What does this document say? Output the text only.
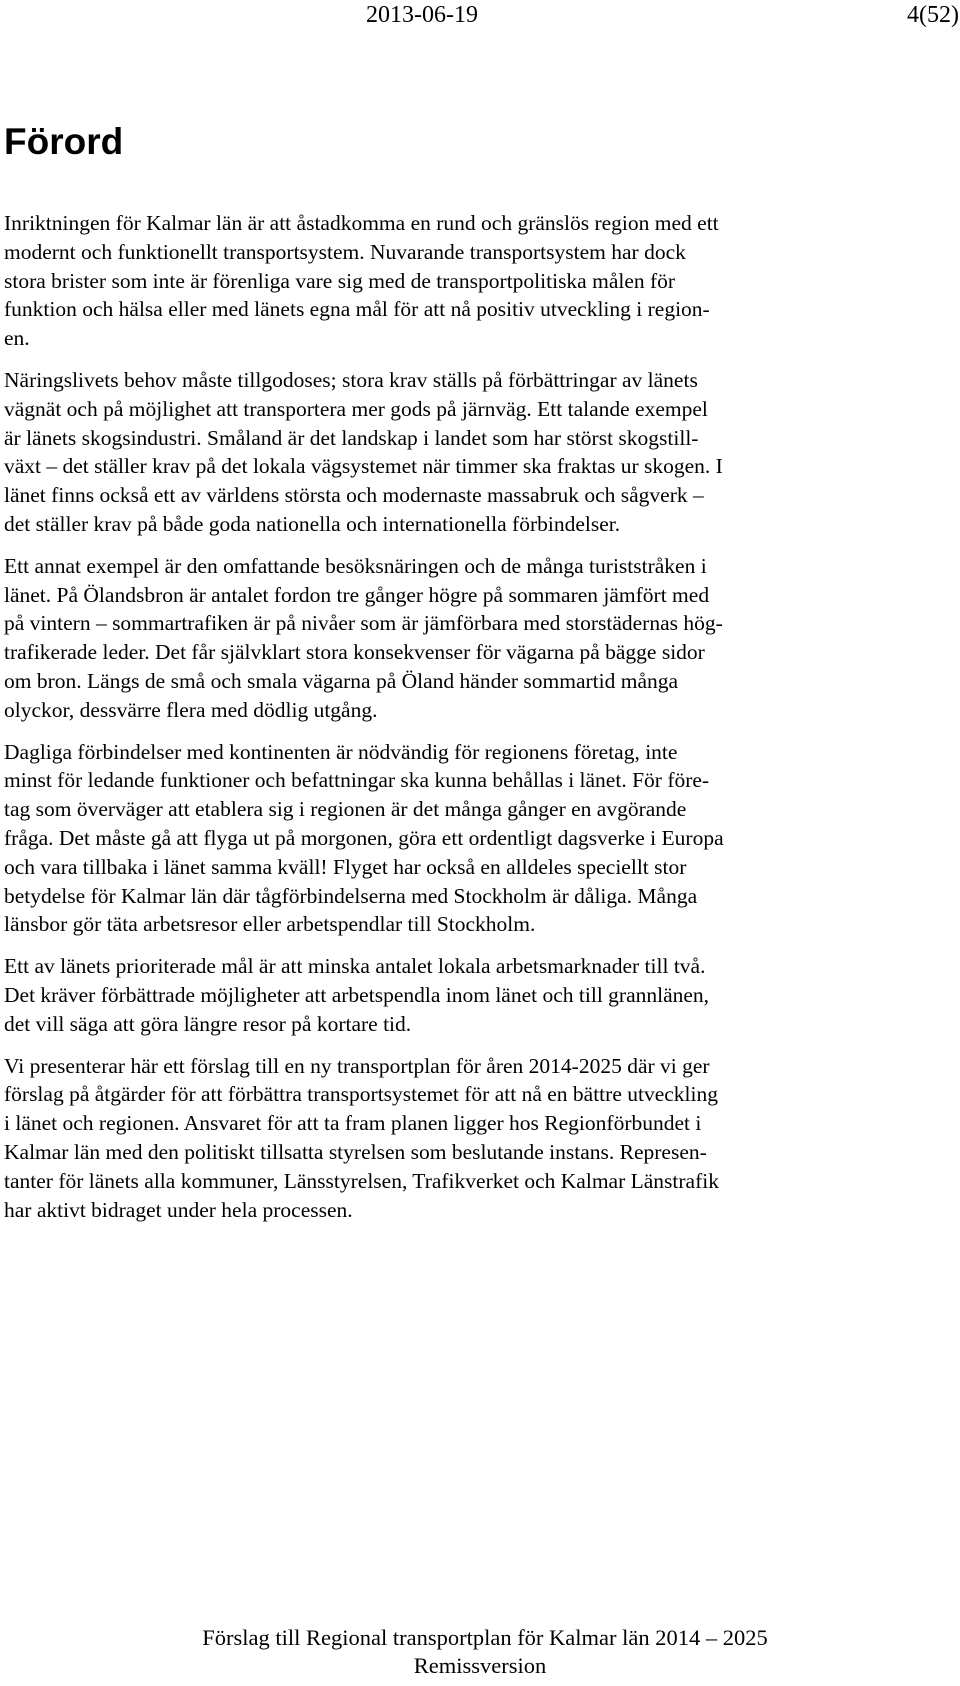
2013-06-19	4(52)
Förord

Inriktningen för Kalmar län är att åstadkomma en rund och gränslös region med ett
modernt och funktionellt transportsystem. Nuvarande transportsystem har dock
stora brister som inte är förenliga vare sig med de transportpolitiska målen för
funktion och hälsa eller med länets egna mål för att nå positiv utveckling i region-
en.

Näringslivets behov måste tillgodoses; stora krav ställs på förbättringar av länets
vägnät och på möjlighet att transportera mer gods på järnväg. Ett talande exempel
är länets skogsindustri. Småland är det landskap i landet som har störst skogstill-
växt – det ställer krav på det lokala vägsystemet när timmer ska fraktas ur skogen. I
länet finns också ett av världens största och modernaste massabruk och sågverk –
det ställer krav på både goda nationella och internationella förbindelser.

Ett annat exempel är den omfattande besöksnäringen och de många turiststråken i
länet. På Ölandsbron är antalet fordon tre gånger högre på sommaren jämfört med
på vintern – sommartrafiken är på nivåer som är jämförbara med storstädernas hög-
trafikerade leder. Det får självklart stora konsekvenser för vägarna på bägge sidor
om bron. Längs de små och smala vägarna på Öland händer sommartid många
olyckor, dessvärre flera med dödlig utgång.

Dagliga förbindelser med kontinenten är nödvändig för regionens företag, inte
minst för ledande funktioner och befattningar ska kunna behållas i länet. För före-
tag som överväger att etablera sig i regionen är det många gånger en avgörande
fråga. Det måste gå att flyga ut på morgonen, göra ett ordentligt dagsverke i Europa
och vara tillbaka i länet samma kväll! Flyget har också en alldeles speciellt stor
betydelse för Kalmar län där tågförbindelserna med Stockholm är dåliga. Många
länsbor gör täta arbetsresor eller arbetspendlar till Stockholm.

Ett av länets prioriterade mål är att minska antalet lokala arbetsmarknader till två.
Det kräver förbättrade möjligheter att arbetspendla inom länet och till grannlänen,
det vill säga att göra längre resor på kortare tid.

Vi presenterar här ett förslag till en ny transportplan för åren 2014-2025 där vi ger
förslag på åtgärder för att förbättra transportsystemet för att nå en bättre utveckling
i länet och regionen. Ansvaret för att ta fram planen ligger hos Regionförbundet i
Kalmar län med den politiskt tillsatta styrelsen som beslutande instans. Represen-
tanter för länets alla kommuner, Länsstyrelsen, Trafikverket och Kalmar Länstrafik
har aktivt bidraget under hela processen.

Förslag till Regional transportplan för Kalmar län 2014 – 2025
Remissversion
